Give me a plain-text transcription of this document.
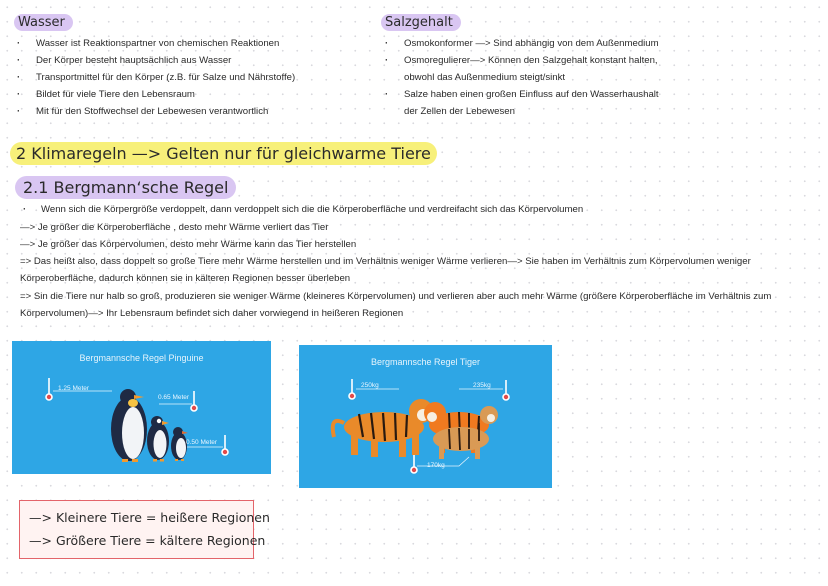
Wasser
· Wasser ist Reaktionspartner von chemischen Reaktionen
· Der Körper besteht hauptsächlich aus Wasser
· Transportmittel für den Körper (z.B. für Salze und Nährstoffe)
· Bildet für viele Tiere den Lebensraum
· Mit für den Stoffwechsel der Lebewesen verantwortlich
Salzgehalt
· Osmokonformer —> Sind abhängig von dem Außenmedium
· Osmoregulierer—> Können den Salzgehalt konstant halten,
obwohl das Außenmedium steigt/sinkt
· Salze haben einen großen Einfluss auf den Wasserhaushalt
der Zellen der Lebewesen
2 Klimaregeln —> Gelten nur für gleichwarme Tiere
2.1 Bergmann‘sche Regel
· Wenn sich die Körpergröße verdoppelt, dann verdoppelt sich die die Körperoberfläche und verdreifacht sich das Körpervolumen
—> Je größer die Körperoberfläche , desto mehr Wärme verliert das Tier
—> Je größer das Körpervolumen, desto mehr Wärme kann das Tier herstellen
=> Das heißt also, dass doppelt so große Tiere mehr Wärme herstellen und im Verhältnis weniger Wärme verlieren—> Sie haben im Verhältnis zum Körpervolumen weniger
Körperoberfläche, dadurch können sie in kälteren Regionen besser überleben
=> Sin die Tiere nur halb so groß, produzieren sie weniger Wärme (kleineres Körpervolumen) und verlieren aber auch mehr Wärme (größere Körperoberfläche im Verhältnis zum
Körpervolumen)—> Ihr Lebensraum befindet sich daher vorwiegend in heißeren Regionen
Bergmannsche Regel Pinguine
1.25 Meter
0.65 Meter
0.50 Meter
Bergmannsche Regel Tiger
250kg	235kg
170kg
—> Kleinere Tiere = heißere Regionen
—> Größere Tiere = kältere Regionen
